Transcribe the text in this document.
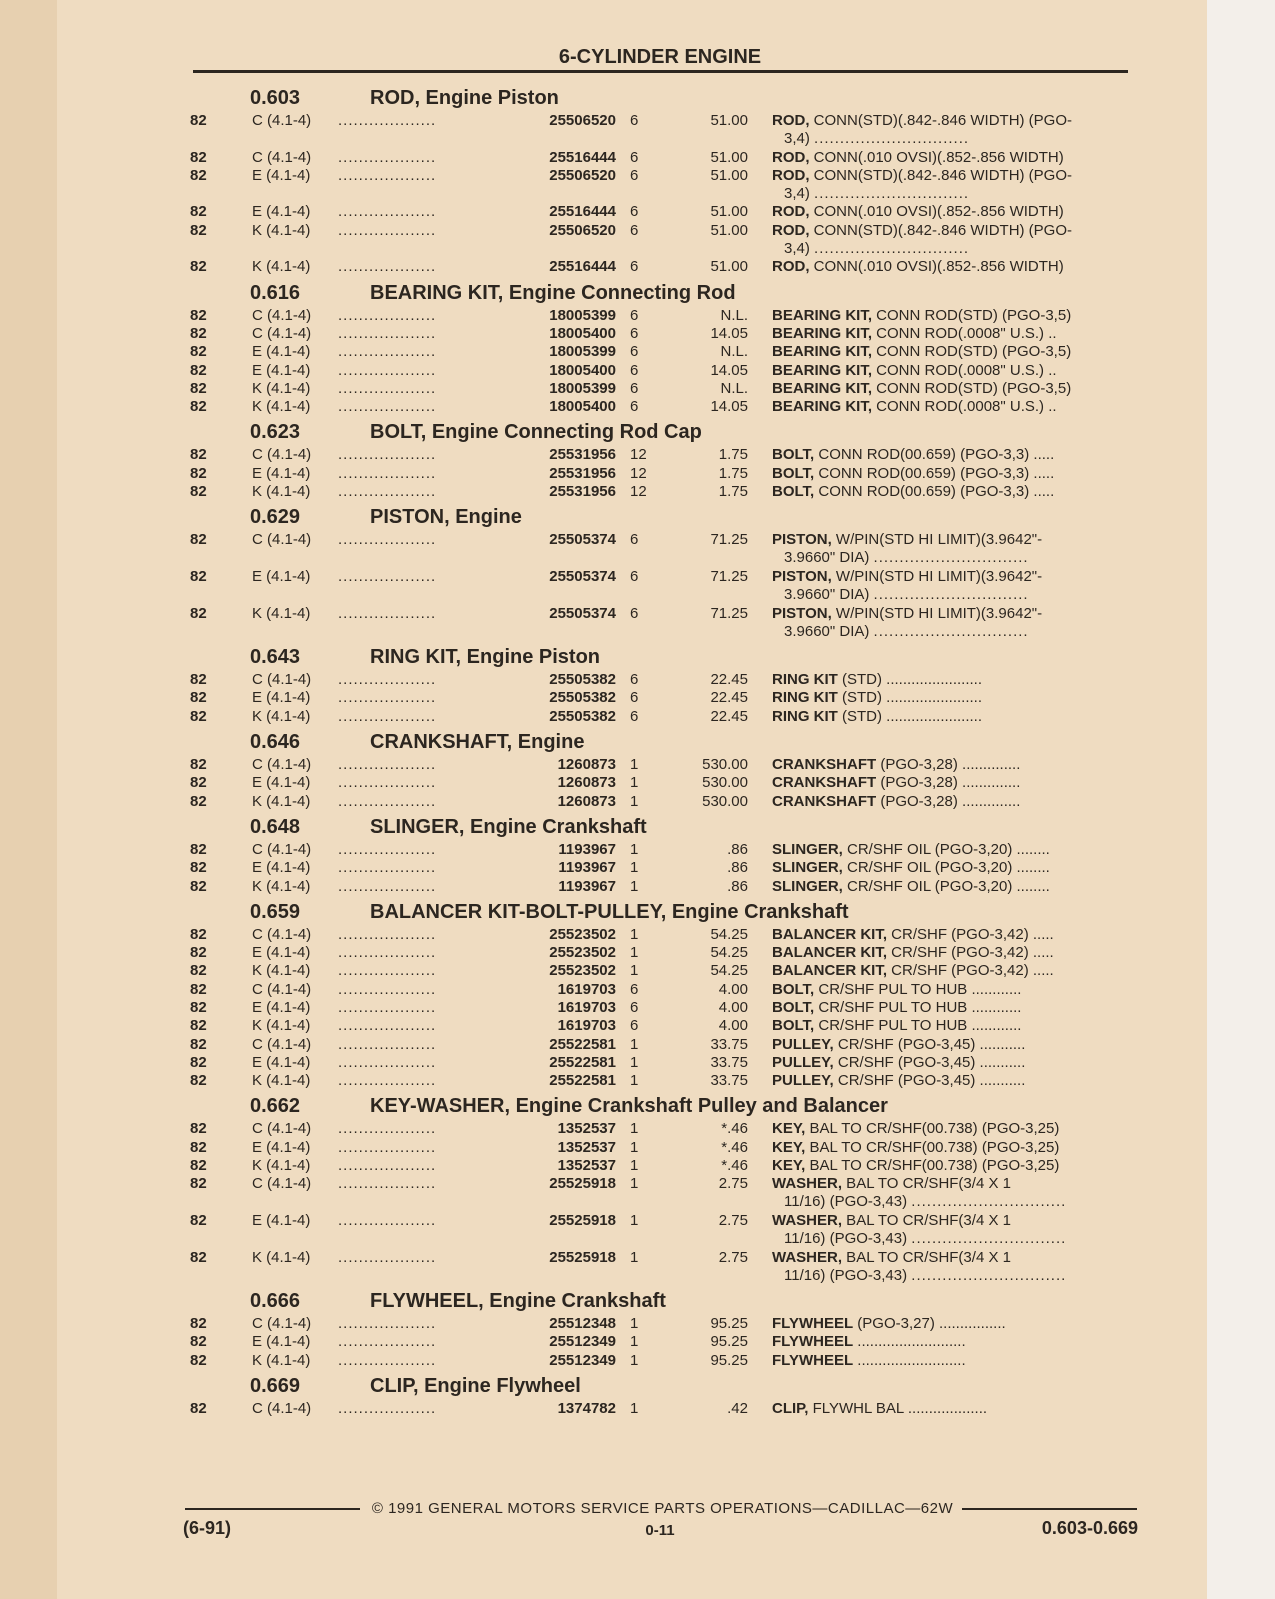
6-CYLINDER ENGINE
0.603	ROD, Engine Piston
82	C (4.1-4) ...................	25506520 6	51.00 ROD, CONN(STD)(.842-.846 WIDTH) (PGO-
3,4) ..............................
82	C (4.1-4) ...................	25516444 6	51.00 ROD, CONN(.010 OVSI)(.852-.856 WIDTH)
82	E (4.1-4) ...................	25506520 6	51.00 ROD, CONN(STD)(.842-.846 WIDTH) (PGO-
3,4) ..............................
82	E (4.1-4) ...................	25516444 6	51.00 ROD, CONN(.010 OVSI)(.852-.856 WIDTH)
82	K (4.1-4) ...................	25506520 6	51.00 ROD, CONN(STD)(.842-.846 WIDTH) (PGO-
3,4) ..............................
82	K (4.1-4) ...................	25516444 6	51.00 ROD, CONN(.010 OVSI)(.852-.856 WIDTH)
0.616	BEARING KIT, Engine Connecting Rod
82	C (4.1-4) ...................	18005399 6	N.L. BEARING KIT, CONN ROD(STD) (PGO-3,5)
82	C (4.1-4) ...................	18005400 6	14.05 BEARING KIT, CONN ROD(.0008" U.S.) ..
82	E (4.1-4) ...................	18005399 6	N.L. BEARING KIT, CONN ROD(STD) (PGO-3,5)
82	E (4.1-4) ...................	18005400 6	14.05 BEARING KIT, CONN ROD(.0008" U.S.) ..
82	K (4.1-4) ...................	18005399 6	N.L. BEARING KIT, CONN ROD(STD) (PGO-3,5)
82	K (4.1-4) ...................	18005400 6	14.05 BEARING KIT, CONN ROD(.0008" U.S.) ..
0.623	BOLT, Engine Connecting Rod Cap
82	C (4.1-4) ...................	25531956 12	1.75 BOLT, CONN ROD(00.659) (PGO-3,3) .....
82	E (4.1-4) ...................	25531956 12	1.75 BOLT, CONN ROD(00.659) (PGO-3,3) .....
82	K (4.1-4) ...................	25531956 12	1.75 BOLT, CONN ROD(00.659) (PGO-3,3) .....
0.629	PISTON, Engine
82	C (4.1-4) ...................	25505374 6	71.25 PISTON, W/PIN(STD HI LIMIT)(3.9642"-
3.9660" DIA) ..............................
82	E (4.1-4) ...................	25505374 6	71.25 PISTON, W/PIN(STD HI LIMIT)(3.9642"-
3.9660" DIA) ..............................
82	K (4.1-4) ...................	25505374 6	71.25 PISTON, W/PIN(STD HI LIMIT)(3.9642"-
3.9660" DIA) ..............................
0.643	RING KIT, Engine Piston
82	C (4.1-4) ...................	25505382 6	22.45 RING KIT (STD) .......................
82	E (4.1-4) ...................	25505382 6	22.45 RING KIT (STD) .......................
82	K (4.1-4) ...................	25505382 6	22.45 RING KIT (STD) .......................
0.646	CRANKSHAFT, Engine
82	C (4.1-4) ...................	1260873 1	530.00 CRANKSHAFT (PGO-3,28) ..............
82	E (4.1-4) ...................	1260873 1	530.00 CRANKSHAFT (PGO-3,28) ..............
82	K (4.1-4) ...................	1260873 1	530.00 CRANKSHAFT (PGO-3,28) ..............
0.648	SLINGER, Engine Crankshaft
82	C (4.1-4) ...................	1193967 1	.86 SLINGER, CR/SHF OIL (PGO-3,20) ........
82	E (4.1-4) ...................	1193967 1	.86 SLINGER, CR/SHF OIL (PGO-3,20) ........
82	K (4.1-4) ...................	1193967 1	.86 SLINGER, CR/SHF OIL (PGO-3,20) ........
0.659	BALANCER KIT-BOLT-PULLEY, Engine Crankshaft
82	C (4.1-4) ...................	25523502 1	54.25 BALANCER KIT, CR/SHF (PGO-3,42) .....
82	E (4.1-4) ...................	25523502 1	54.25 BALANCER KIT, CR/SHF (PGO-3,42) .....
82	K (4.1-4) ...................	25523502 1	54.25 BALANCER KIT, CR/SHF (PGO-3,42) .....
82	C (4.1-4) ...................	1619703 6	4.00 BOLT, CR/SHF PUL TO HUB ............
82	E (4.1-4) ...................	1619703 6	4.00 BOLT, CR/SHF PUL TO HUB ............
82	K (4.1-4) ...................	1619703 6	4.00 BOLT, CR/SHF PUL TO HUB ............
82	C (4.1-4) ...................	25522581 1	33.75 PULLEY, CR/SHF (PGO-3,45) ...........
82	E (4.1-4) ...................	25522581 1	33.75 PULLEY, CR/SHF (PGO-3,45) ...........
82	K (4.1-4) ...................	25522581 1	33.75 PULLEY, CR/SHF (PGO-3,45) ...........
0.662	KEY-WASHER, Engine Crankshaft Pulley and Balancer
82	C (4.1-4) ...................	1352537 1	*.46 KEY, BAL TO CR/SHF(00.738) (PGO-3,25)
82	E (4.1-4) ...................	1352537 1	*.46 KEY, BAL TO CR/SHF(00.738) (PGO-3,25)
82	K (4.1-4) ...................	1352537 1	*.46 KEY, BAL TO CR/SHF(00.738) (PGO-3,25)
82	C (4.1-4) ...................	25525918 1	2.75 WASHER, BAL TO CR/SHF(3/4 X 1
11/16) (PGO-3,43) ..............................
82	E (4.1-4) ...................	25525918 1	2.75 WASHER, BAL TO CR/SHF(3/4 X 1
11/16) (PGO-3,43) ..............................
82	K (4.1-4) ...................	25525918 1	2.75 WASHER, BAL TO CR/SHF(3/4 X 1
11/16) (PGO-3,43) ..............................
0.666	FLYWHEEL, Engine Crankshaft
82	C (4.1-4) ...................	25512348 1	95.25 FLYWHEEL (PGO-3,27) ................
82	E (4.1-4) ...................	25512349 1	95.25 FLYWHEEL ..........................
82	K (4.1-4) ...................	25512349 1	95.25 FLYWHEEL ..........................
0.669	CLIP, Engine Flywheel
82	C (4.1-4) ...................	1374782 1	.42 CLIP, FLYWHL BAL ...................
© 1991 GENERAL MOTORS SERVICE PARTS OPERATIONS—CADILLAC—62W
(6-91)	0-11	0.603-0.669
